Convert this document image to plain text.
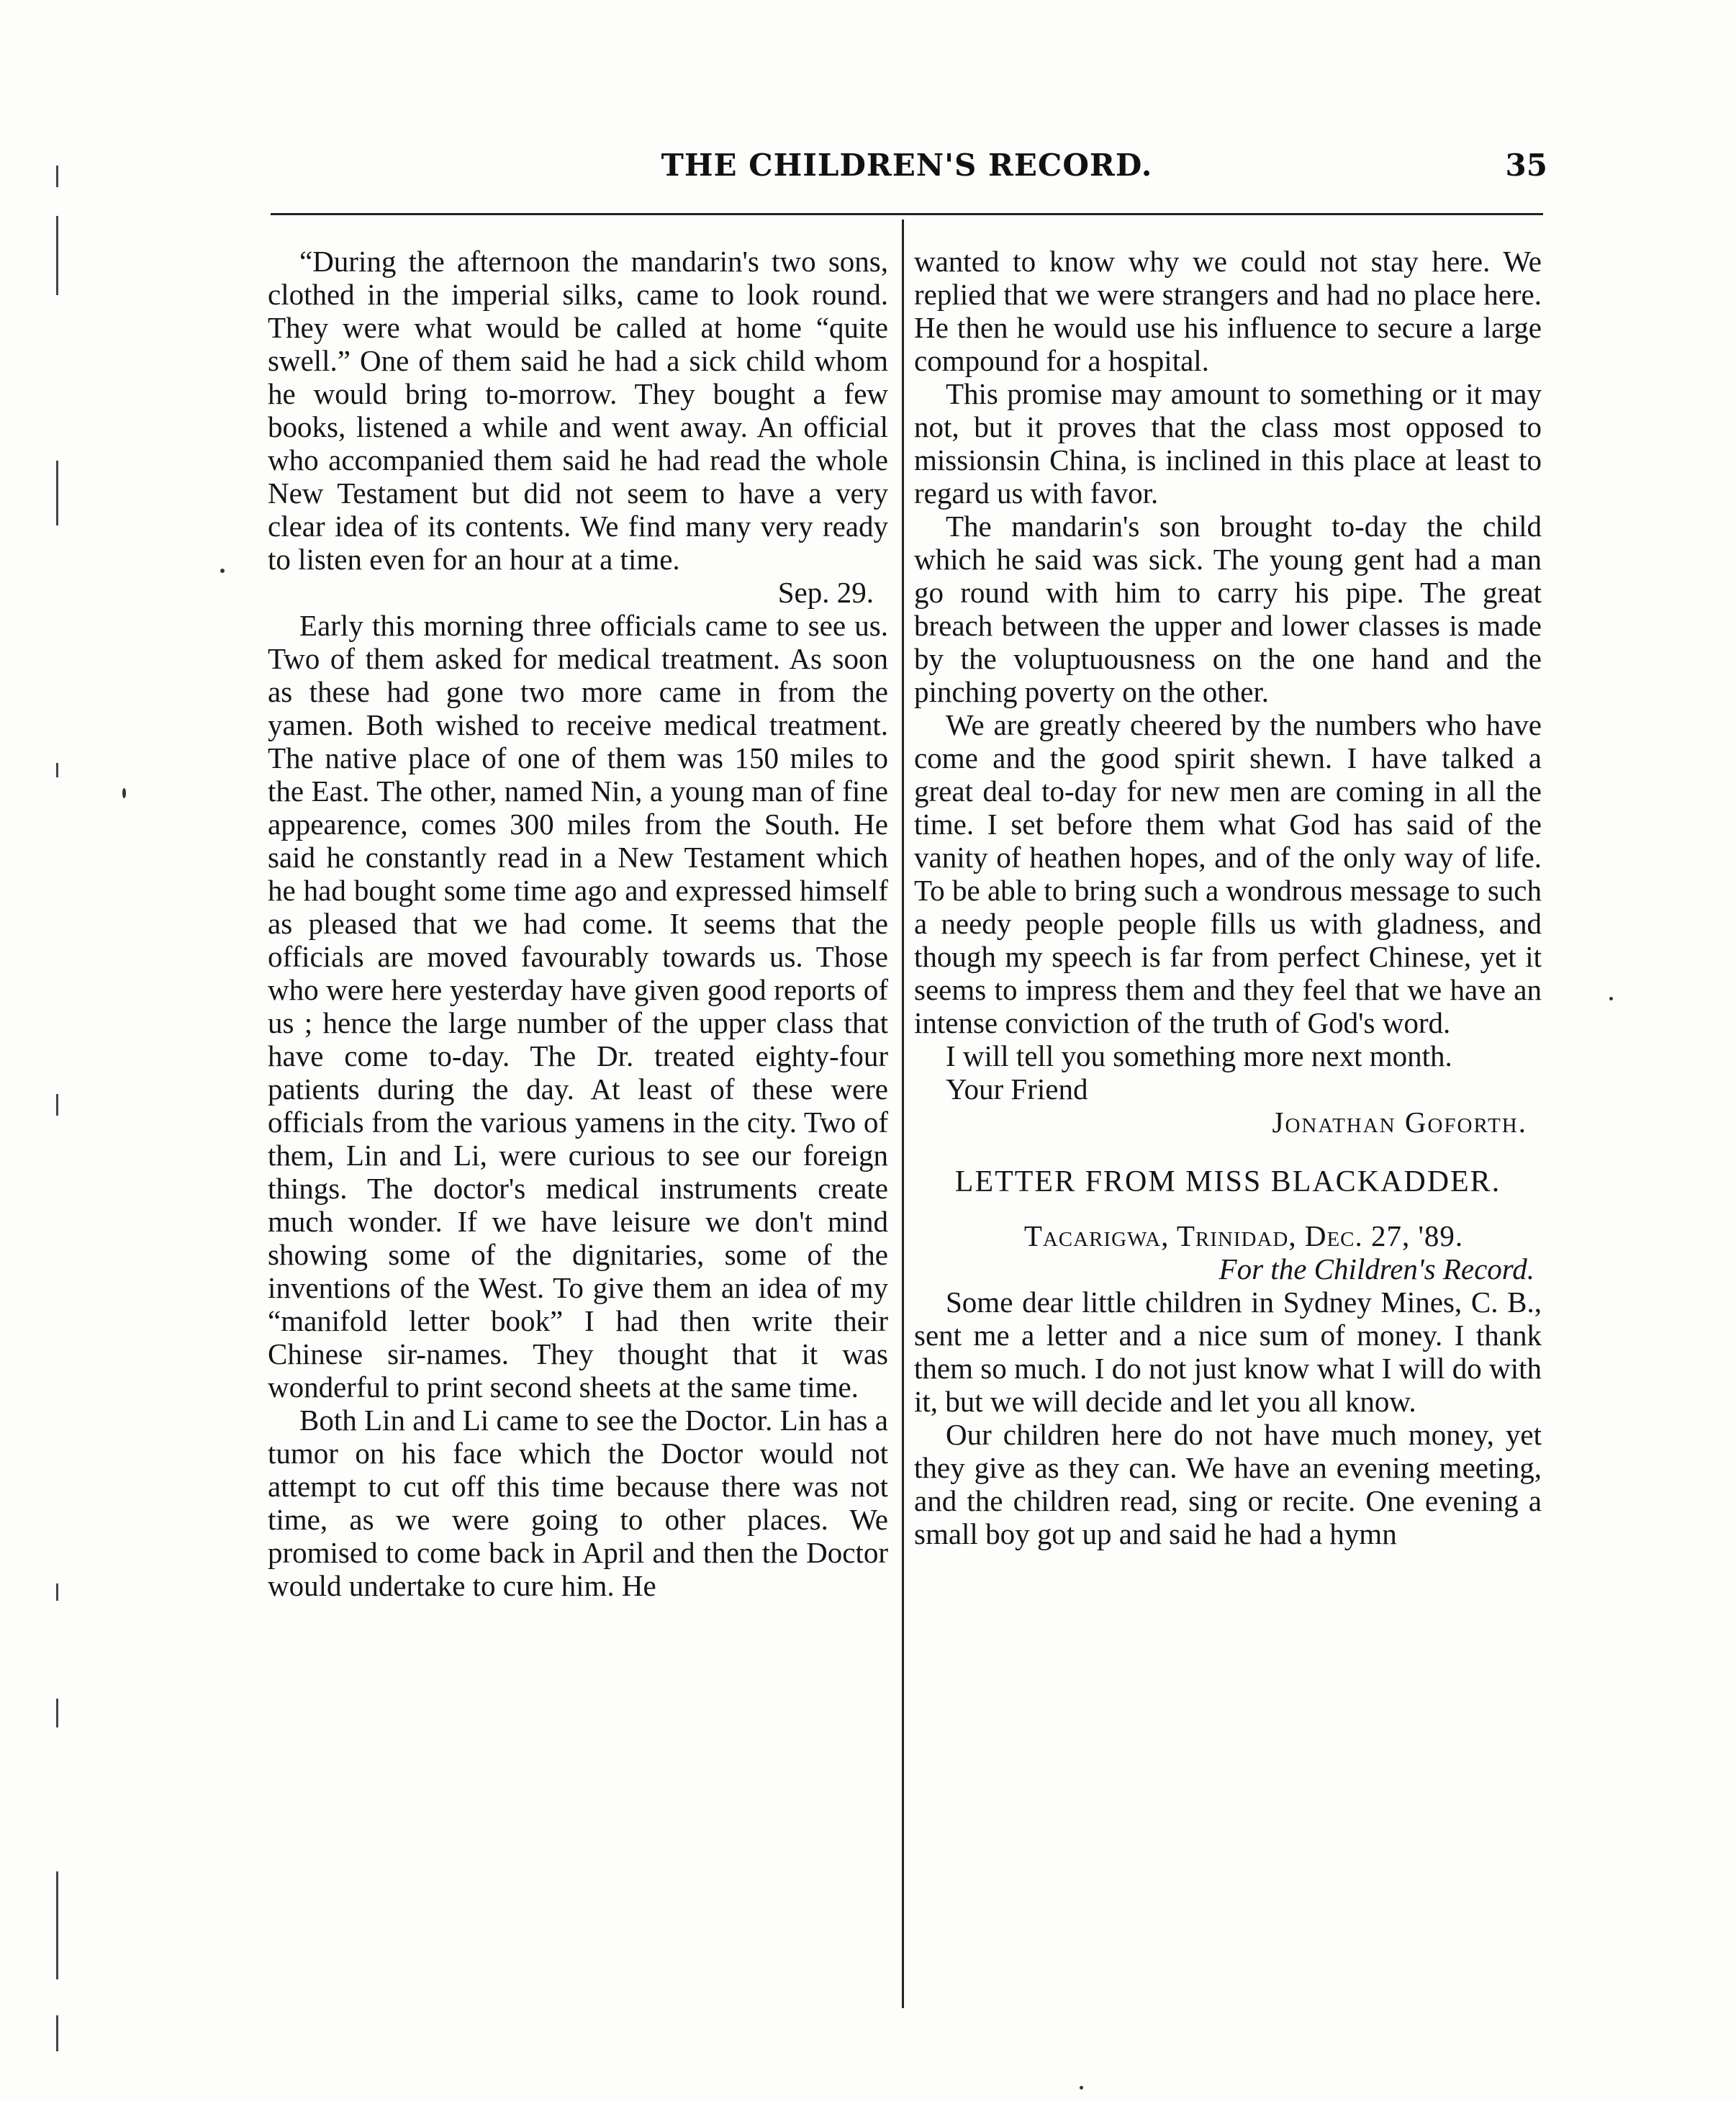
THE CHILDREN'S RECORD.	35

“During the afternoon the mandarin's two sons, clothed in the imperial silks, came to look round. They were what would be called at home “quite swell.” One of them said he had a sick child whom he would bring to-morrow. They bought a few books, listened a while and went away. An official who accompanied them said he had read the whole New Testament but did not seem to have a very clear idea of its contents. We find many very ready to listen even for an hour at a time.

Sep. 29.

Early this morning three officials came to see us. Two of them asked for medical treatment. As soon as these had gone two more came in from the yamen. Both wished to receive medical treatment. The native place of one of them was 150 miles to the East. The other, named Nin, a young man of fine appearence, comes 300 miles from the South. He said he constantly read in a New Testament which he had bought some time ago and expressed himself as pleased that we had come. It seems that the officials are moved favourably towards us. Those who were here yesterday have given good reports of us ; hence the large number of the upper class that have come to-day. The Dr. treated eighty-four patients during the day. At least of these were officials from the various yamens in the city. Two of them, Lin and Li, were curious to see our foreign things. The doctor's medical instruments create much wonder. If we have leisure we don't mind showing some of the dignitaries, some of the inventions of the West. To give them an idea of my “manifold letter book” I had then write their Chinese sir-names. They thought that it was wonderful to print second sheets at the same time.

Both Lin and Li came to see the Doctor. Lin has a tumor on his face which the Doctor would not attempt to cut off this time because there was not time, as we were going to other places. We promised to come back in April and then the Doctor would undertake to cure him. He

wanted to know why we could not stay here. We replied that we were strangers and had no place here. He then he would use his influence to secure a large compound for a hospital.

This promise may amount to something or it may not, but it proves that the class most opposed to missionsin China, is inclined in this place at least to regard us with favor.

The mandarin's son brought to-day the child which he said was sick. The young gent had a man go round with him to carry his pipe. The great breach between the upper and lower classes is made by the voluptuousness on the one hand and the pinching poverty on the other.

We are greatly cheered by the numbers who have come and the good spirit shewn. I have talked a great deal to-day for new men are coming in all the time. I set before them what God has said of the vanity of heathen hopes, and of the only way of life. To be able to bring such a wondrous message to such a needy people people fills us with gladness, and though my speech is far from perfect Chinese, yet it seems to impress them and they feel that we have an intense conviction of the truth of God's word.

I will tell you something more next month.

Your Friend

Jonathan Goforth.

LETTER FROM MISS BLACKADDER.

Tacarigwa, Trinidad, Dec. 27, '89.

For the Children's Record.

Some dear little children in Sydney Mines, C. B., sent me a letter and a nice sum of money. I thank them so much. I do not just know what I will do with it, but we will decide and let you all know.

Our children here do not have much money, yet they give as they can. We have an evening meeting, and the children read, sing or recite. One evening a small boy got up and said he had a hymn
